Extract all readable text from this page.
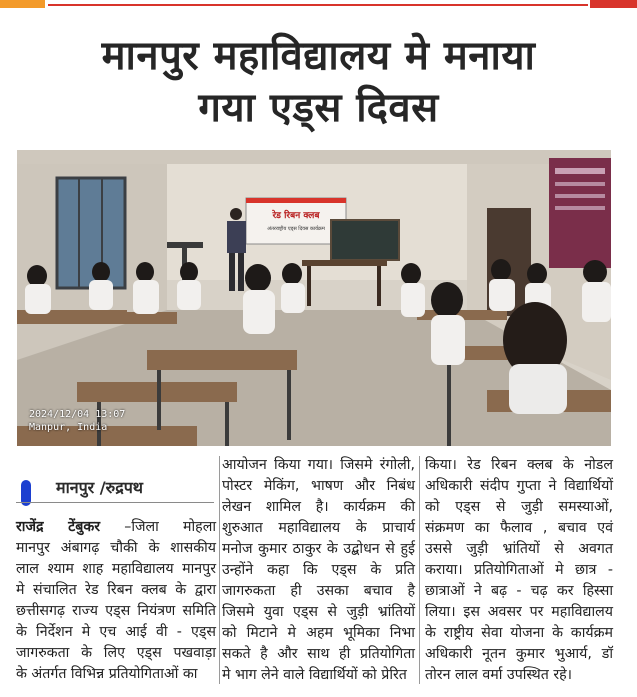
मानपुर महाविद्यालय मे मनाया
गया एड्स दिवस
रेड रिबन क्लब
अंतरराष्ट्रीय एड्स दिवस कार्यक्रम
2024/12/04 13:07
Manpur, India
मानपुर /रुद्रपथ

राजेंद्र टेंबुकर –जिला मोहला

मानपुर अंबागढ़ चौकी के शासकीय

लाल श्याम शाह महाविद्यालय मानपुर

मे संचालित रेड रिबन क्लब के द्वारा

छत्तीसगढ़ राज्य एड्स नियंत्रण समिति

के निर्देशन मे एच आई वी - एड्स

जागरुकता के लिए एड्स पखवाड़ा

के अंतर्गत विभिन्न प्रतियोगिताओं का

आयोजन किया गया। जिसमे रंगोली,

पोस्टर मेकिंग, भाषण और निबंध

लेखन शामिल है। कार्यक्रम की

शुरुआत महाविद्यालय के प्राचार्य

मनोज कुमार ठाकुर के उद्बोधन से हुई

उन्होंने कहा कि एड्स के प्रति

जागरुकता ही उसका बचाव है

जिसमे युवा एड्स से जुड़ी भ्रांतियों

को मिटाने मे अहम भूमिका निभा

सकते है और साथ ही प्रतियोगिता

मे भाग लेने वाले विद्यार्थियों को प्रेरित

किया। रेड रिबन क्लब के नोडल

अधिकारी संदीप गुप्ता ने विद्यार्थियों

को एड्स से जुड़ी समस्याओं,

संक्रमण का फैलाव , बचाव एवं

उससे जुड़ी भ्रांतियों से अवगत

कराया। प्रतियोगिताओं मे छात्र -

छात्राओं ने बढ़ - चढ़ कर हिस्सा

लिया। इस अवसर पर महाविद्यालय

के राष्ट्रीय सेवा योजना के कार्यक्रम

अधिकारी नूतन कुमार भुआर्य, डॉ

तोरन लाल वर्मा उपस्थित रहे।
